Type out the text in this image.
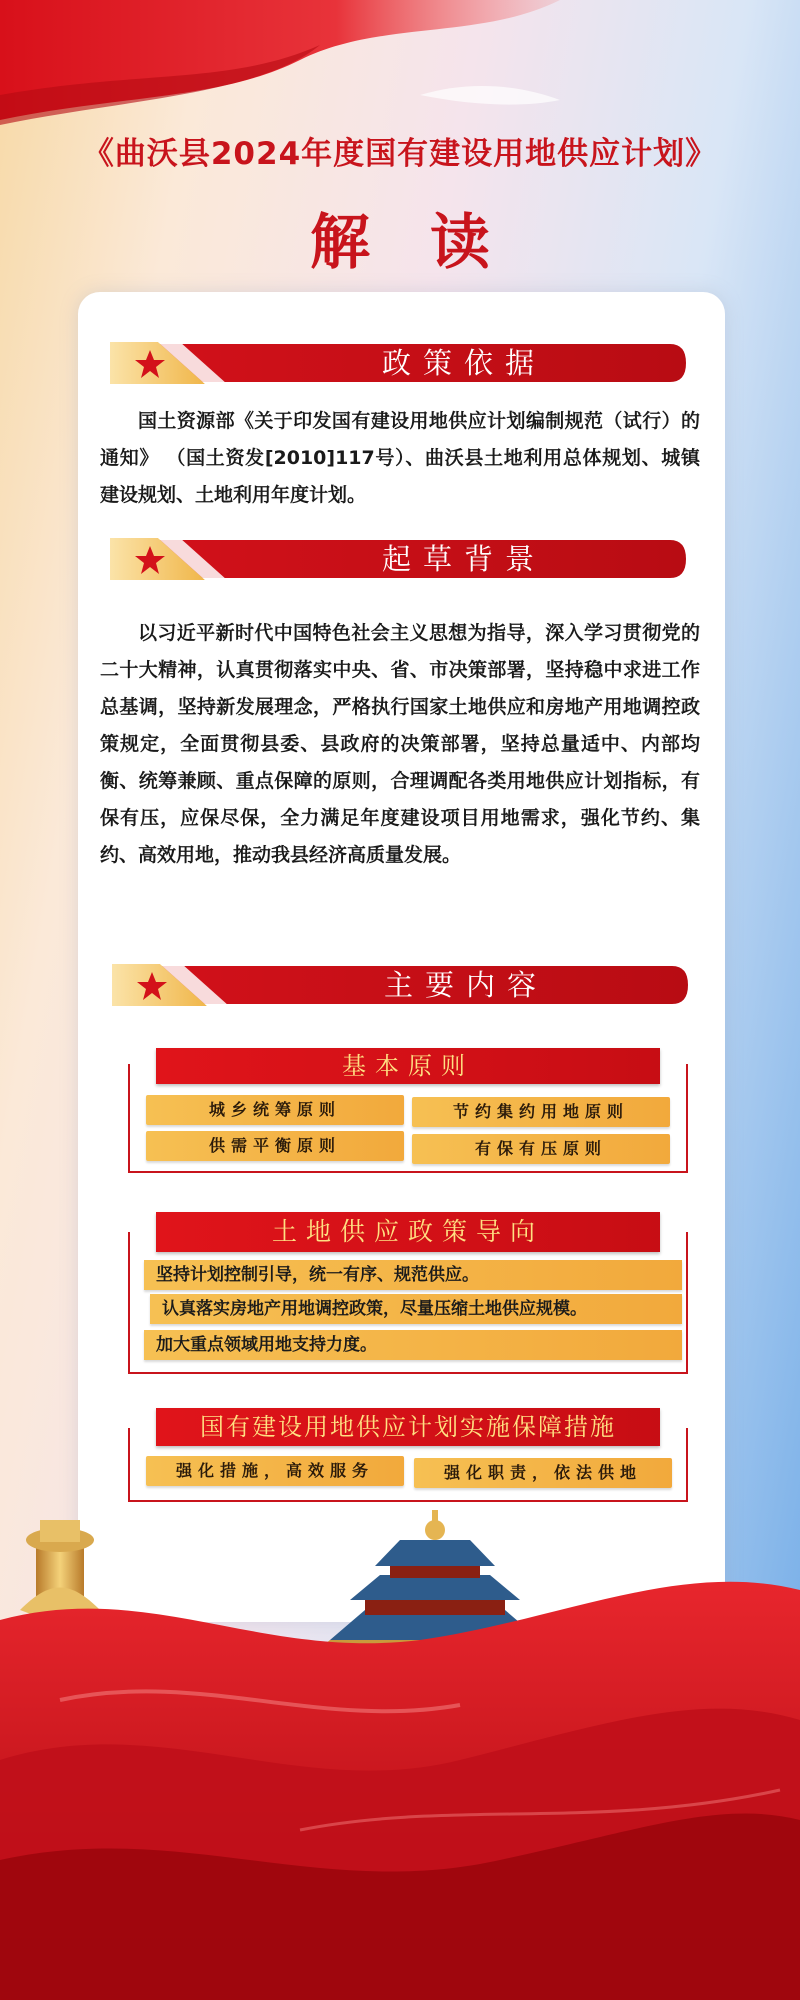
《曲沃县2024年度国有建设用地供应计划》
解读
政策依据
国土资源部《关于印发国有建设用地供应计划编制规范（试行）的通知》 （国土资发[2010]117号）、曲沃县土地利用总体规划、城镇建设规划、土地利用年度计划。
起草背景
以习近平新时代中国特色社会主义思想为指导，深入学习贯彻党的二十大精神，认真贯彻落实中央、省、市决策部署，坚持稳中求进工作总基调，坚持新发展理念，严格执行国家土地供应和房地产用地调控政策规定，全面贯彻县委、县政府的决策部署，坚持总量适中、内部均衡、统筹兼顾、重点保障的原则，合理调配各类用地供应计划指标，有保有压，应保尽保，全力满足年度建设项目用地需求，强化节约、集约、高效用地，推动我县经济高质量发展。
主要内容
基本原则
城乡统筹原则	节约集约用地原则
供需平衡原则	有保有压原则
土地供应政策导向
坚持计划控制引导，统一有序、规范供应。
认真落实房地产用地调控政策，尽量压缩土地供应规模。
加大重点领域用地支持力度。
国有建设用地供应计划实施保障措施
强化措施，高效服务	强化职责，依法供地
